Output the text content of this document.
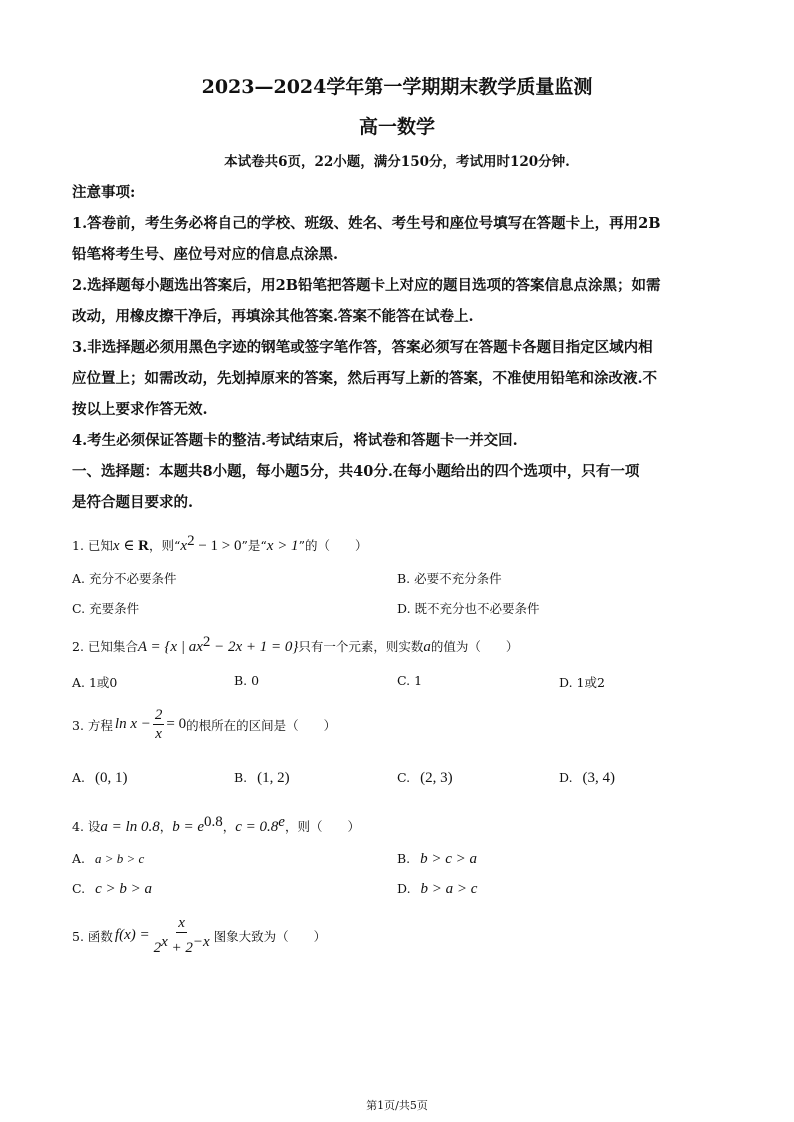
2023—2024学年第一学期期末教学质量监测
高一数学
本试卷共6页，22小题，满分150分，考试用时120分钟.
注意事项:
1.答卷前，考生务必将自己的学校、班级、姓名、考生号和座位号填写在答题卡上，再用2B
铅笔将考生号、座位号对应的信息点涂黑.
2.选择题每小题选出答案后，用2B铅笔把答题卡上对应的题目选项的答案信息点涂黑；如需
改动，用橡皮擦干净后，再填涂其他答案.答案不能答在试卷上.
3.非选择题必须用黑色字迹的钢笔或签字笔作答，答案必须写在答题卡各题目指定区域内相
应位置上；如需改动，先划掉原来的答案，然后再写上新的答案，不准使用铅笔和涂改液.不
按以上要求作答无效.
4.考生必须保证答题卡的整洁.考试结束后，将试卷和答题卡一并交回.
一、选择题：本题共8小题，每小题5分，共40分.在每小题给出的四个选项中，只有一项
是符合题目要求的.
1. 已知x ∈ R，则“$x^2 - 1 > 0$”是“x > 1”的（　　）
A. 充分不必要条件	B. 必要不充分条件
C. 充要条件	D. 既不充分也不必要条件
2. 已知集合A = {x | $ax^2 - 2x + 1 = 0$}只有一个元素，则实数a的值为（　　）
A. 1或0	B. 0	C. 1	D. 1或2
3. 方程 $\ln x - \frac{2}{x} = 0$ 的根所在的区间是（　　）
A. (0, 1)	B. (1, 2)	C. (2, 3)	D. (3, 4)
4. 设a = ln 0.8，$b = e^{0.8}$，c = 0.8$^e$，则（　　）
A. a > b > c	B. b > c > a
C. c > b > a	D. b > a > c
5. 函数 $f(x) = \frac{x}{2^x + 2^{-x}}$ 图象大致为（　　）
第1页/共5页
